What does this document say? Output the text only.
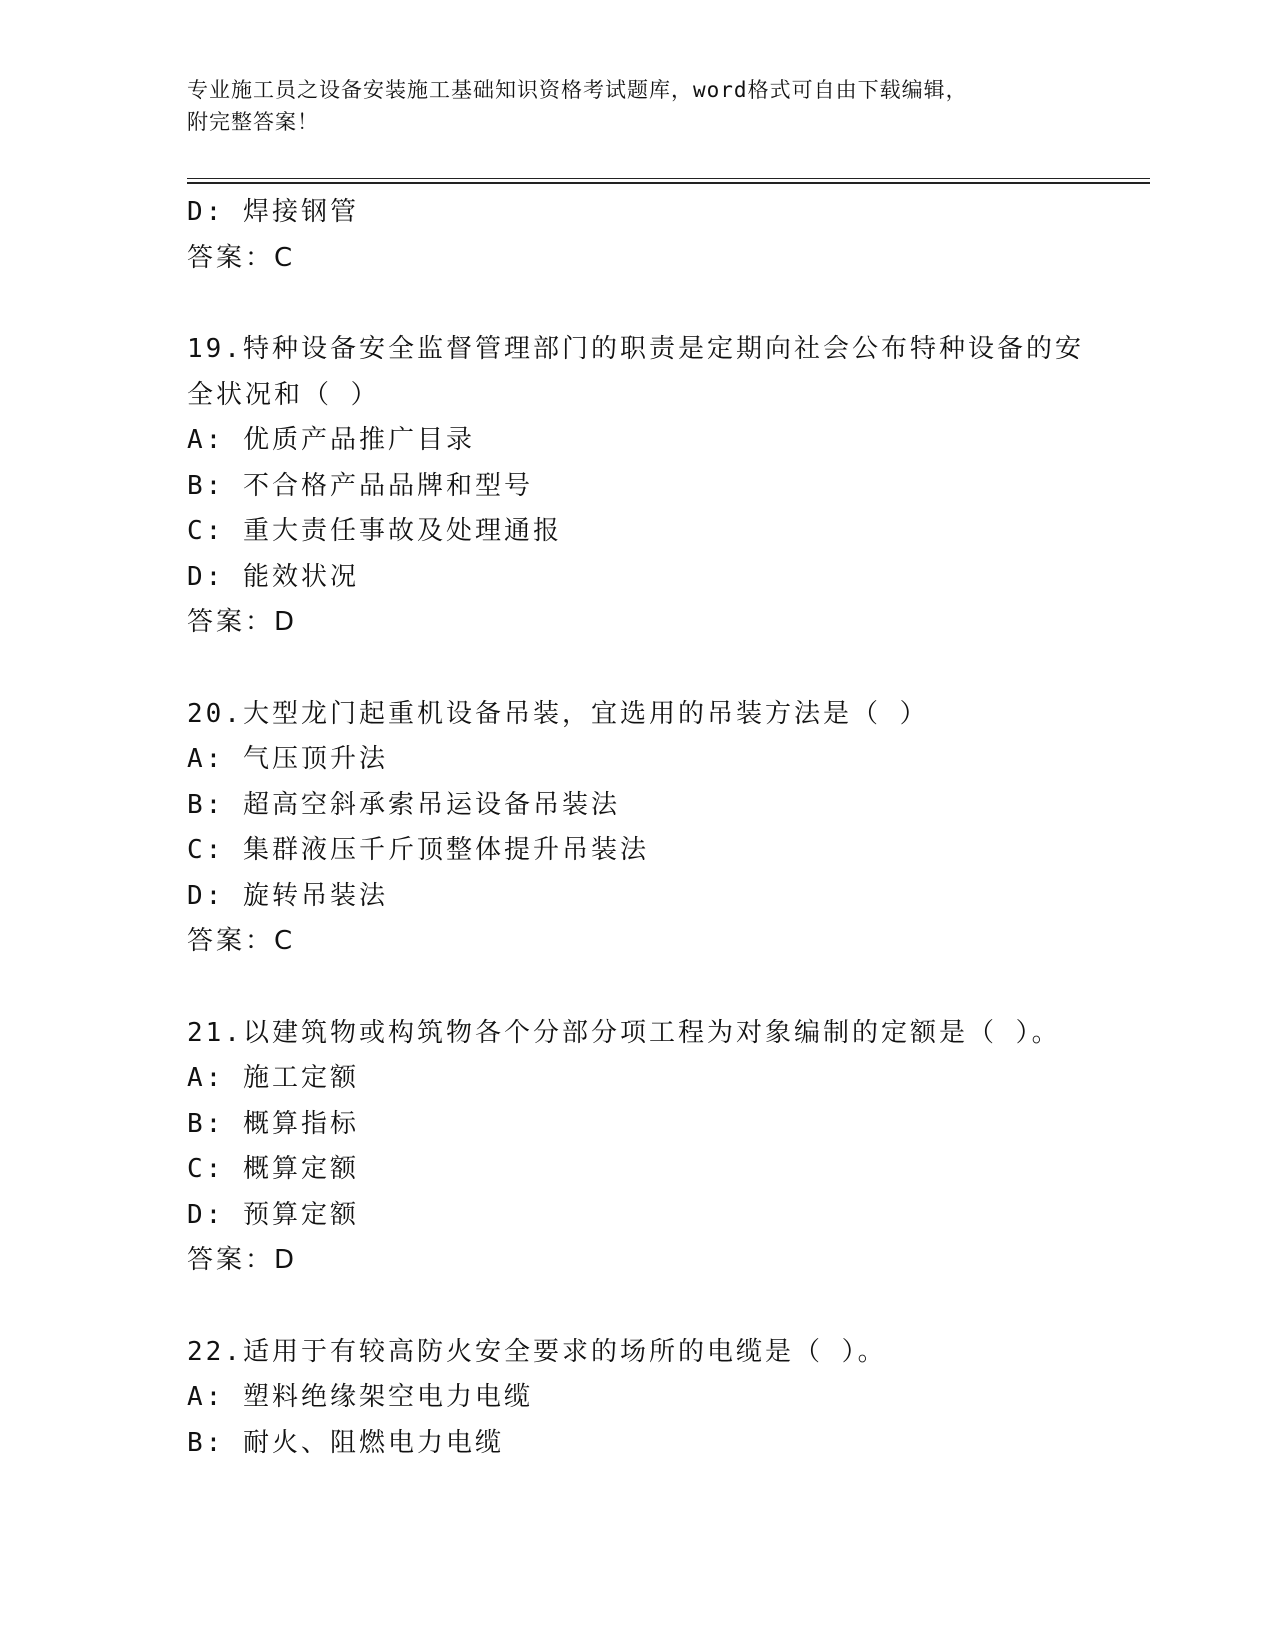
专业施工员之设备安装施工基础知识资格考试题库，word格式可自由下载编辑，
附完整答案！
D: 焊接钢管
答案：C
19.特种设备安全监督管理部门的职责是定期向社会公布特种设备的安
全状况和（ ）
A: 优质产品推广目录
B: 不合格产品品牌和型号
C: 重大责任事故及处理通报
D: 能效状况
答案：D
20.大型龙门起重机设备吊装，宜选用的吊装方法是（ ）
A: 气压顶升法
B: 超高空斜承索吊运设备吊装法
C: 集群液压千斤顶整体提升吊装法
D: 旋转吊装法
答案：C
21.以建筑物或构筑物各个分部分项工程为对象编制的定额是（ ）。
A: 施工定额
B: 概算指标
C: 概算定额
D: 预算定额
答案：D
22.适用于有较高防火安全要求的场所的电缆是（ ）。
A: 塑料绝缘架空电力电缆
B: 耐火、阻燃电力电缆
